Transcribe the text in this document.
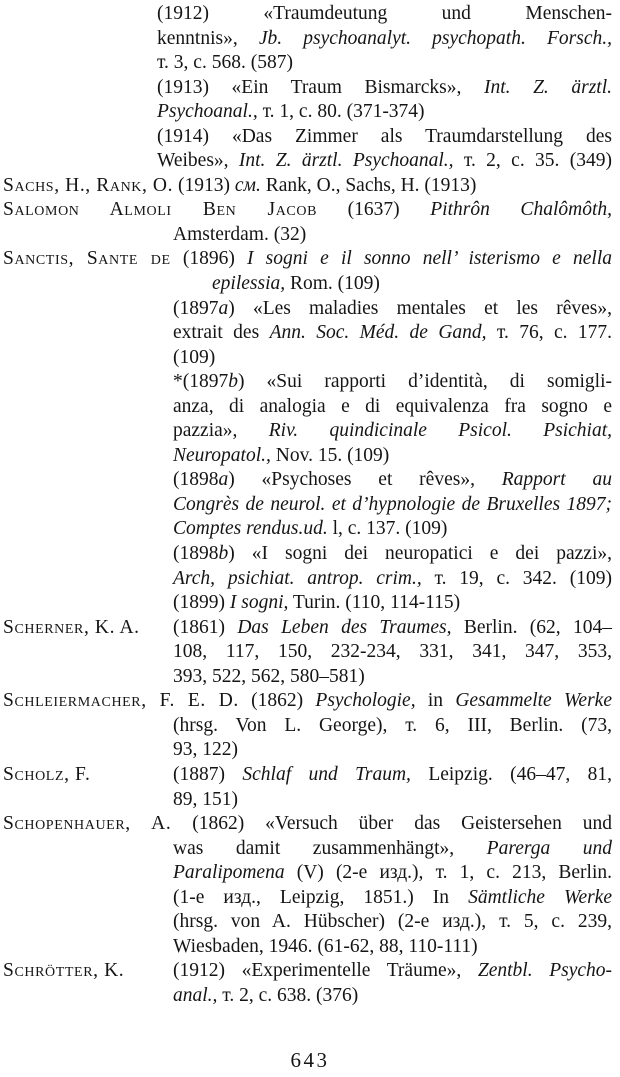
(1912) «Traumdeutung und Menschen-
kenntnis», Jb. psychoanalyt. psychopath. Forsch.,
т. 3, с. 568. (587)
(1913) «Ein Traum Bismarcks», Int. Z. ärztl.
Psychoanal., т. 1, с. 80. (371-374)
(1914) «Das Zimmer als Traumdarstellung des
Weibes», Int. Z. ärztl. Psychoanal., т. 2, с. 35. (349)
Sachs, H., Rank, O. (1913) см. Rank, O., Sachs, H. (1913)
Salomon Almoli Ben Jacob (1637) Pithrôn Chalômôth,
Amsterdam. (32)
Sanctis, Sante de (1896) I sogni e il sonno nell’ isterismo e nella
epilessia, Rom. (109)
(1897a) «Les maladies mentales et les rêves»,
extrait des Ann. Soc. Méd. de Gand, т. 76, с. 177.
(109)
*(1897b) «Sui rapporti d’identità, di somigli-
anza, di analogia e di equivalenza fra sogno e
pazzia», Riv. quindicinale Psicol. Psichiat,
Neuropatol., Nov. 15. (109)
(1898a) «Psychoses et rêves», Rapport au
Congrès de neurol. et d’hypnologie de Bruxelles 1897;
Comptes rendus.ud. l, с. 137. (109)
(1898b) «I sogni dei neuropatici e dei pazzi»,
Arch, psichiat. antrop. crim., т. 19, с. 342. (109)
(1899) I sogni, Turin. (110, 114-115)
Scherner, K. A. (1861) Das Leben des Traumes, Berlin. (62, 104–
108, 117, 150, 232-234, 331, 341, 347, 353,
393, 522, 562, 580–581)
Schleiermacher, F. E. D. (1862) Psychologie, in Gesammelte Werke
(hrsg. Von L. George), т. 6, III, Berlin. (73,
93, 122)
Scholz, F.	(1887) Schlaf und Traum, Leipzig. (46–47, 81,
89, 151)
Schopenhauer, A. (1862) «Versuch über das Geistersehen und
was damit zusammenhängt», Parerga und
Paralipomena (V) (2-е изд.), т. 1, с. 213, Berlin.
(1-е изд., Leipzig, 1851.) In Sämtliche Werke
(hrsg. von A. Hübscher) (2-е изд.), т. 5, с. 239,
Wiesbaden, 1946. (61-62, 88, 110-111)
Schrötter, K.	(1912) «Experimentelle Träume», Zentbl. Psycho-
anal., т. 2, с. 638. (376)
643
